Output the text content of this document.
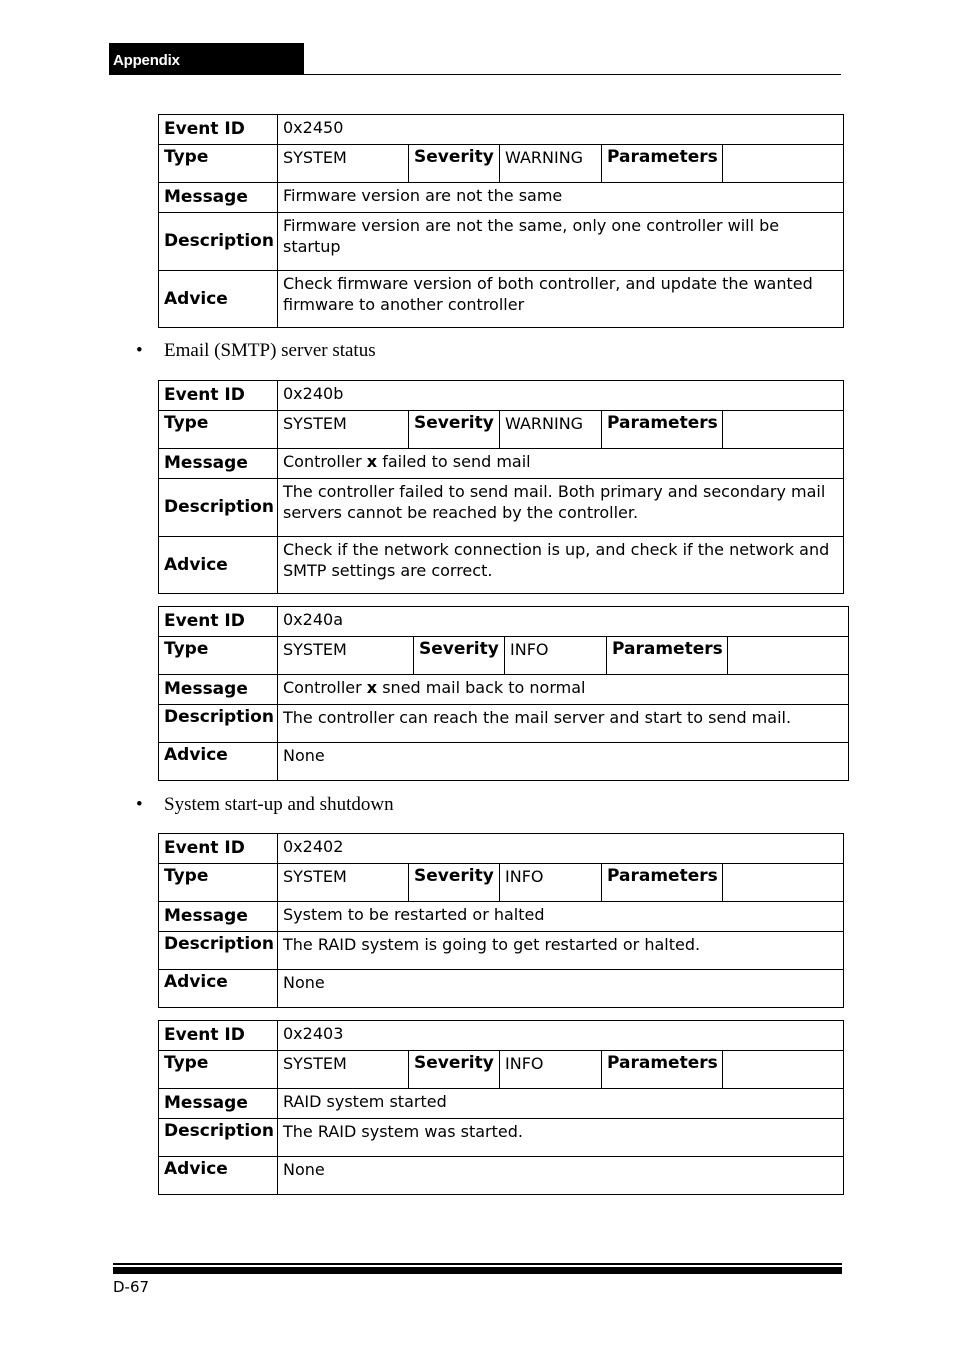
Appendix
Event ID	0x2450				
Type	SYSTEM	Severity	WARNING	Parameters	
Message	Firmware version are not the same				
Description	Firmware version are not the same, only one controller will be startup				
Advice	Check firmware version of both controller, and update the wanted firmware to another controller				
• Email (SMTP) server status
Event ID	0x240b				
Type	SYSTEM	Severity	WARNING	Parameters	
Message	Controller x failed to send mail				
Description	The controller failed to send mail. Both primary and secondary mail servers cannot be reached by the controller.				
Advice	Check if the network connection is up, and check if the network and SMTP settings are correct.				
Event ID	0x240a				
Type	SYSTEM	Severity	INFO	Parameters	
Message	Controller x sned mail back to normal				
Description	The controller can reach the mail server and start to send mail.				
Advice	None				
• System start-up and shutdown
Event ID	0x2402				
Type	SYSTEM	Severity	INFO	Parameters	
Message	System to be restarted or halted				
Description	The RAID system is going to get restarted or halted.				
Advice	None				
Event ID	0x2403				
Type	SYSTEM	Severity	INFO	Parameters	
Message	RAID system started				
Description	The RAID system was started.				
Advice	None				
D-67
